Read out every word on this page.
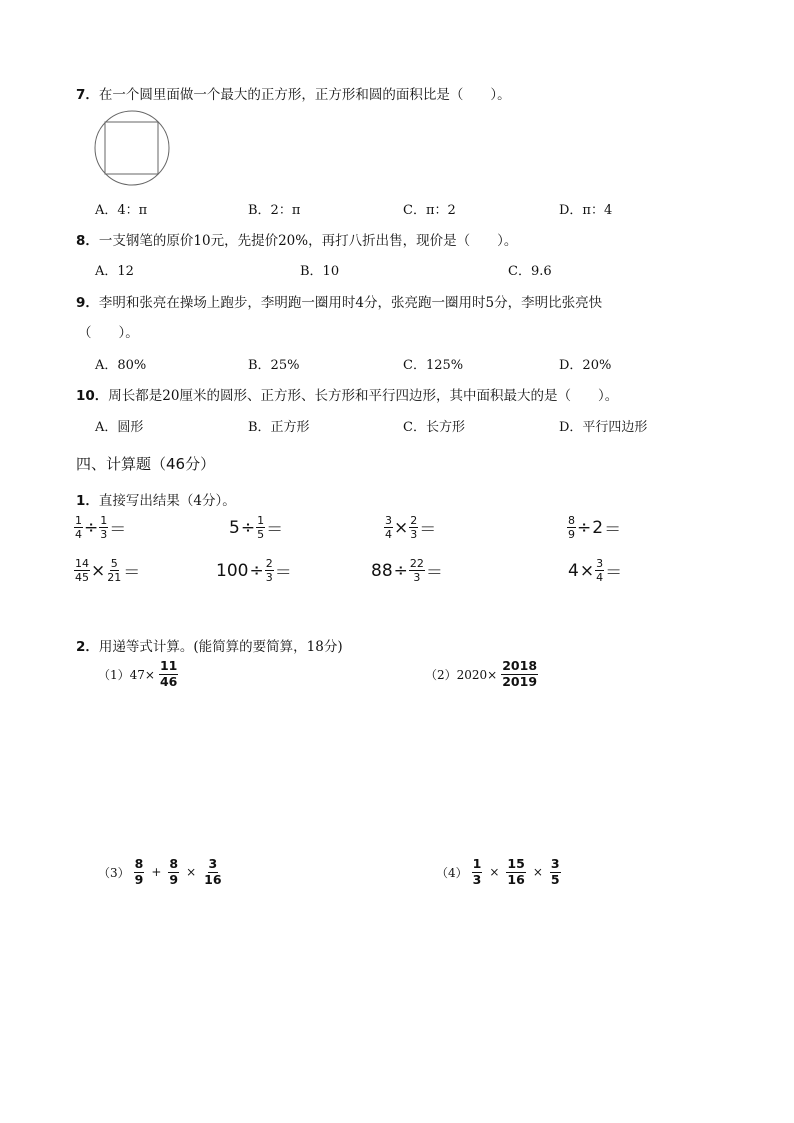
7．在一个圆里面做一个最大的正方形，正方形和圆的面积比是（　　）。
A．4：π	B．2：π	C．π：2	D．π：4
8．一支钢笔的原价10元，先提价20%，再打八折出售，现价是（　　）。
A．12	B．10	C．9.6
9．李明和张亮在操场上跑步，李明跑一圈用时4分，张亮跑一圈用时5分，李明比张亮快
（　　）。
A．80%	B．25%	C．125%	D．20%
10．周长都是20厘米的圆形、正方形、长方形和平行四边形，其中面积最大的是（　　）。
A．圆形	B．正方形	C．长方形	D．平行四边形
四、计算题（46分）
1．直接写出结果（4分）。
$\frac{1}{4} \div \frac{1}{3}$ ＝	$5 \div \frac{1}{5}$ ＝	$\frac{3}{4} \times \frac{2}{3}$ ＝	$\frac{8}{9} \div 2$ ＝
$\frac{14}{45} \times \frac{5}{21}$ ＝	$100 \div \frac{2}{3}$ ＝	$88 \div \frac{22}{3}$ ＝	$4 \times \frac{3}{4}$ ＝
2．用递等式计算。(能简算的要简算，18分)
$(1)47\times \frac{11}{46}$	$(2)2020\times \frac{2018}{2019}$
$(3) \frac{8}{9} + \frac{8}{9} \times \frac{3}{16}$	$(4) \frac{1}{3} \times \frac{15}{16} \times \frac{3}{5}$
